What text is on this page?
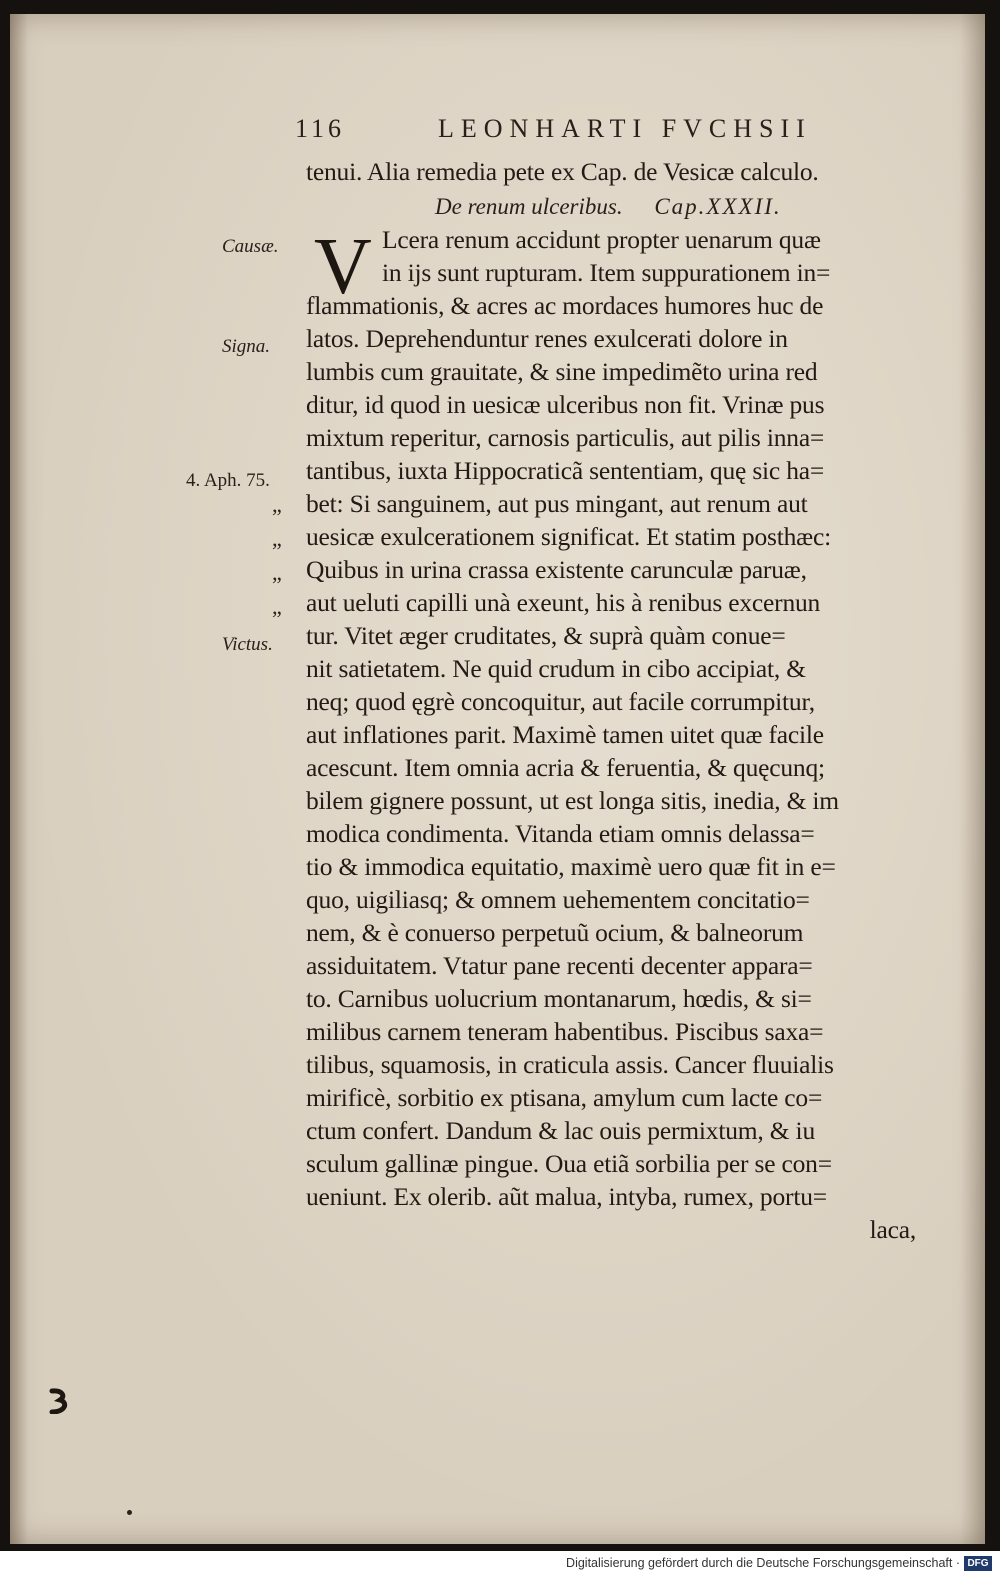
116	LEONHARTI FVCHSII
De renum ulceribus. Cap.XXXII.
Causæ.
Signa.
4. Aph. 75.
„
„
„
„
Victus.
V
tenui. Alia remedia pete ex Cap. de Vesicæ calculo.
Lcera renum accidunt propter uenarum quæ
in ijs sunt rupturam. Item suppurationem in=
flammationis, & acres ac mordaces humores huc de
latos. Deprehenduntur renes exulcerati dolore in
lumbis cum grauitate, & sine impedimẽto urina red
ditur, id quod in uesicæ ulceribus non fit. Vrinæ pus
mixtum reperitur, carnosis particulis, aut pilis inna=
tantibus, iuxta Hippocraticã sententiam, quę sic ha=
bet: Si sanguinem, aut pus mingant, aut renum aut
uesicæ exulcerationem significat. Et statim posthæc:
Quibus in urina crassa existente carunculæ paruæ,
aut ueluti capilli unà exeunt, his à renibus excernun
tur. Vitet æger cruditates, & suprà quàm conue=
nit satietatem. Ne quid crudum in cibo accipiat, &
neq; quod ęgrè concoquitur, aut facile corrumpitur,
aut inflationes parit. Maximè tamen uitet quæ facile
acescunt. Item omnia acria & feruentia, & quęcunq;
bilem gignere possunt, ut est longa sitis, inedia, & im
modica condimenta. Vitanda etiam omnis delassa=
tio & immodica equitatio, maximè uero quæ fit in e=
quo, uigiliasq; & omnem uehementem concitatio=
nem, & è conuerso perpetuũ ocium, & balneorum
assiduitatem. Vtatur pane recenti decenter appara=
to. Carnibus uolucrium montanarum, hœdis, & si=
milibus carnem teneram habentibus. Piscibus saxa=
tilibus, squamosis, in craticula assis. Cancer fluuialis
mirificè, sorbitio ex ptisana, amylum cum lacte co=
ctum confert. Dandum & lac ouis permixtum, & iu
sculum gallinæ pingue. Oua etiã sorbilia per se con=
ueniunt. Ex olerib. aũt malua, intyba, rumex, portu=
laca,
Digitalisierung gefördert durch die Deutsche Forschungsgemeinschaft · DFG
